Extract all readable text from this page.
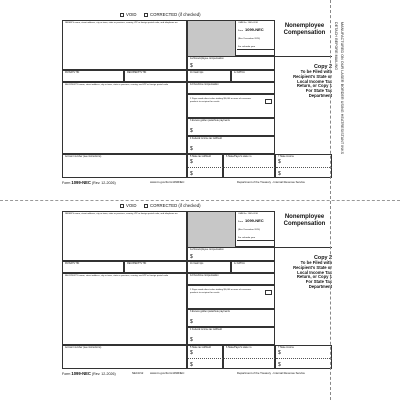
VOID	CORRECTED (if checked)
PAYER'S name, street address, city or town, state or province, country, ZIP or foreign postal code, and telephone no.	OMB No. 1545-0116
Form 1099-NEC
(Rev. December 2020)
For calendar year
Nonemployee
Compensation
1a Nonemployee compensation
$
PAYER'S TIN	RECIPIENT'S TIN	1b Cash tips	1c FATCA
RECIPIENT'S name, street address, city or town, state or province, country, and ZIP or foreign postal code	1d Overtime compensation
2 Payer made direct sales totaling $5,000 or more of consumer products to recipient for resale
3 Excess golden parachute payments
$
4 Federal income tax withheld
$
Account number (see instructions)	5 State tax withheld
$
$
6 State/Payer's state no.	7 State income
$
$
Copy 2
To be Filed with
Recipient's State or
Local Income Tax
Return, or Copy 1
For State Tax
Department
Form 1099-NEC (Rev. 12-2026)	www.irs.gov/Form1099NEC	Department of the Treasury - Internal Revenue Service
VOID	CORRECTED (if checked)
PAYER'S name, street address, city or town, state or province, country, ZIP or foreign postal code, and telephone no.	OMB No. 1545-0116
Form 1099-NEC
(Rev. December 2020)
For calendar year
Nonemployee
Compensation
1a Nonemployee compensation
$
PAYER'S TIN	RECIPIENT'S TIN	1b Cash tips	1c FATCA
RECIPIENT'S name, street address, city or town, state or province, country, and ZIP or foreign postal code	1d Overtime compensation
2 Payer made direct sales totaling $5,000 or more of consumer products to recipient for resale
3 Excess golden parachute payments
$
4 Federal income tax withheld
$
Account number (see instructions)	5 State tax withheld
$
$
6 State/Payer's state no.	7 State income
$
$
Copy 2
To be Filed with
Recipient's State or
Local Income Tax
Return, or Copy 1
For State Tax
Department
Form 1099-NEC (Rev. 12-2026)	NEC3/12 www.irs.gov/Form1099NEC	Department of the Treasury - Internal Revenue Service
DETACH BEFORE MAILING MANUFACTURED ON OUR LASER BORDER USING HEATRESISTANT INKS
